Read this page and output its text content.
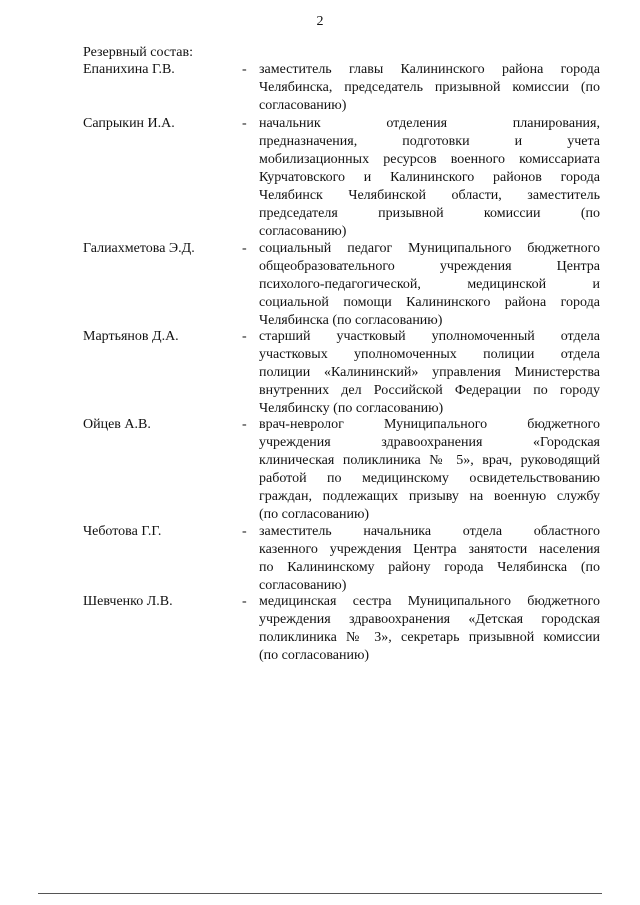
2
Резервный состав:
Епанихина Г.В.	- заместитель главы Калининского района города
Челябинска, председатель призывной комиссии (по
согласованию)
Сапрыкин И.А.	- начальник отделения планирования,
предназначения, подготовки и учета
мобилизационных ресурсов военного комиссариата
Курчатовского и Калининского районов города
Челябинск Челябинской области, заместитель
председателя призывной комиссии (по
согласованию)
Галиахметова Э.Д.	- социальный педагог Муниципального бюджетного
общеобразовательного учреждения Центра
психолого-педагогической, медицинской и
социальной помощи Калининского района города
Челябинска (по согласованию)
Мартьянов Д.А.	- старший участковый уполномоченный отдела
участковых уполномоченных полиции отдела
полиции «Калининский» управления Министерства
внутренних дел Российской Федерации по городу
Челябинску (по согласованию)
Ойцев А.В.	- врач-невролог Муниципального бюджетного
учреждения здравоохранения «Городская
клиническая поликлиника № 5», врач, руководящий
работой по медицинскому освидетельствованию
граждан, подлежащих призыву на военную службу
(по согласованию)
Чеботова Г.Г.	- заместитель начальника отдела областного
казенного учреждения Центра занятости населения
по Калининскому району города Челябинска (по
согласованию)
Шевченко Л.В.	- медицинская сестра Муниципального бюджетного
учреждения здравоохранения «Детская городская
поликлиника № 3», секретарь призывной комиссии
(по согласованию)
